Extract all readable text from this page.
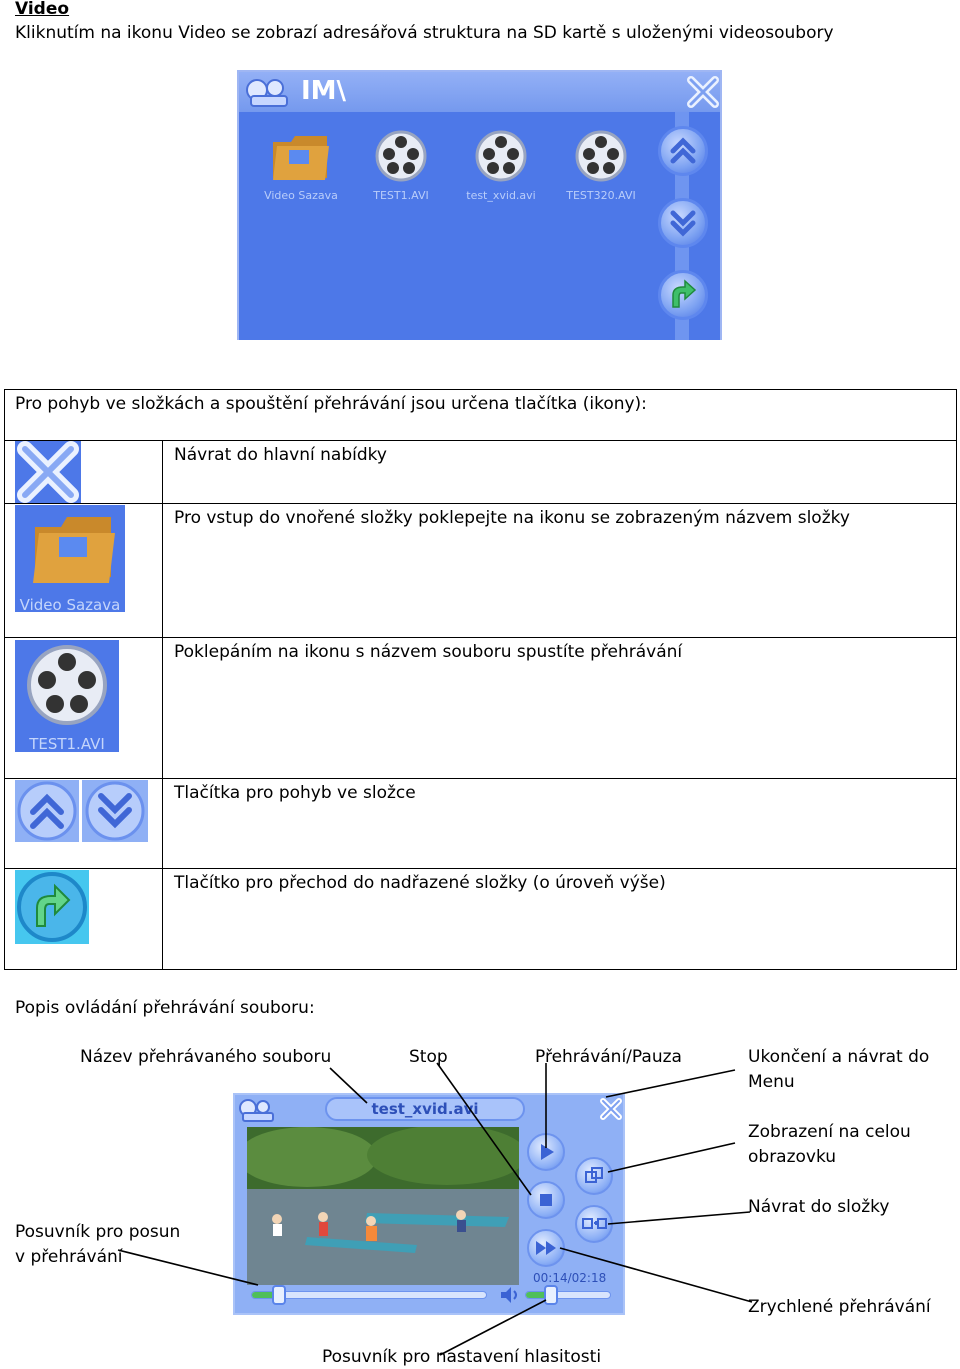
Video
Kliknutím na ikonu Video se zobrazí adresářová struktura na SD kartě s uloženými videosoubory
IM\
Video Sazava	TEST1.AVI	test_xvid.avi	TEST320.AVI
Pro pohyb ve složkách a spouštění přehrávání jsou určena tlačítka (ikony):
Návrat do hlavní nabídky
Video Sazava
Pro vstup do vnořené složky poklepejte na ikonu se zobrazeným názvem složky
TEST1.AVI
Poklepáním na ikonu s názvem souboru spustíte přehrávání
Tlačítka pro pohyb ve složce
Tlačítko pro přechod do nadřazené složky (o úroveň výše)
Popis ovládání přehrávání souboru:
Název přehrávaného souboru	Stop	Přehrávání/Pauza	Ukončení a návrat do
Menu
Zobrazení na celou
obrazovku
Návrat do složky
Posuvník pro posun
v přehrávání
Zrychlené přehrávání
Posuvník pro nastavení hlasitosti
test_xvid.avi
00:14/02:18
